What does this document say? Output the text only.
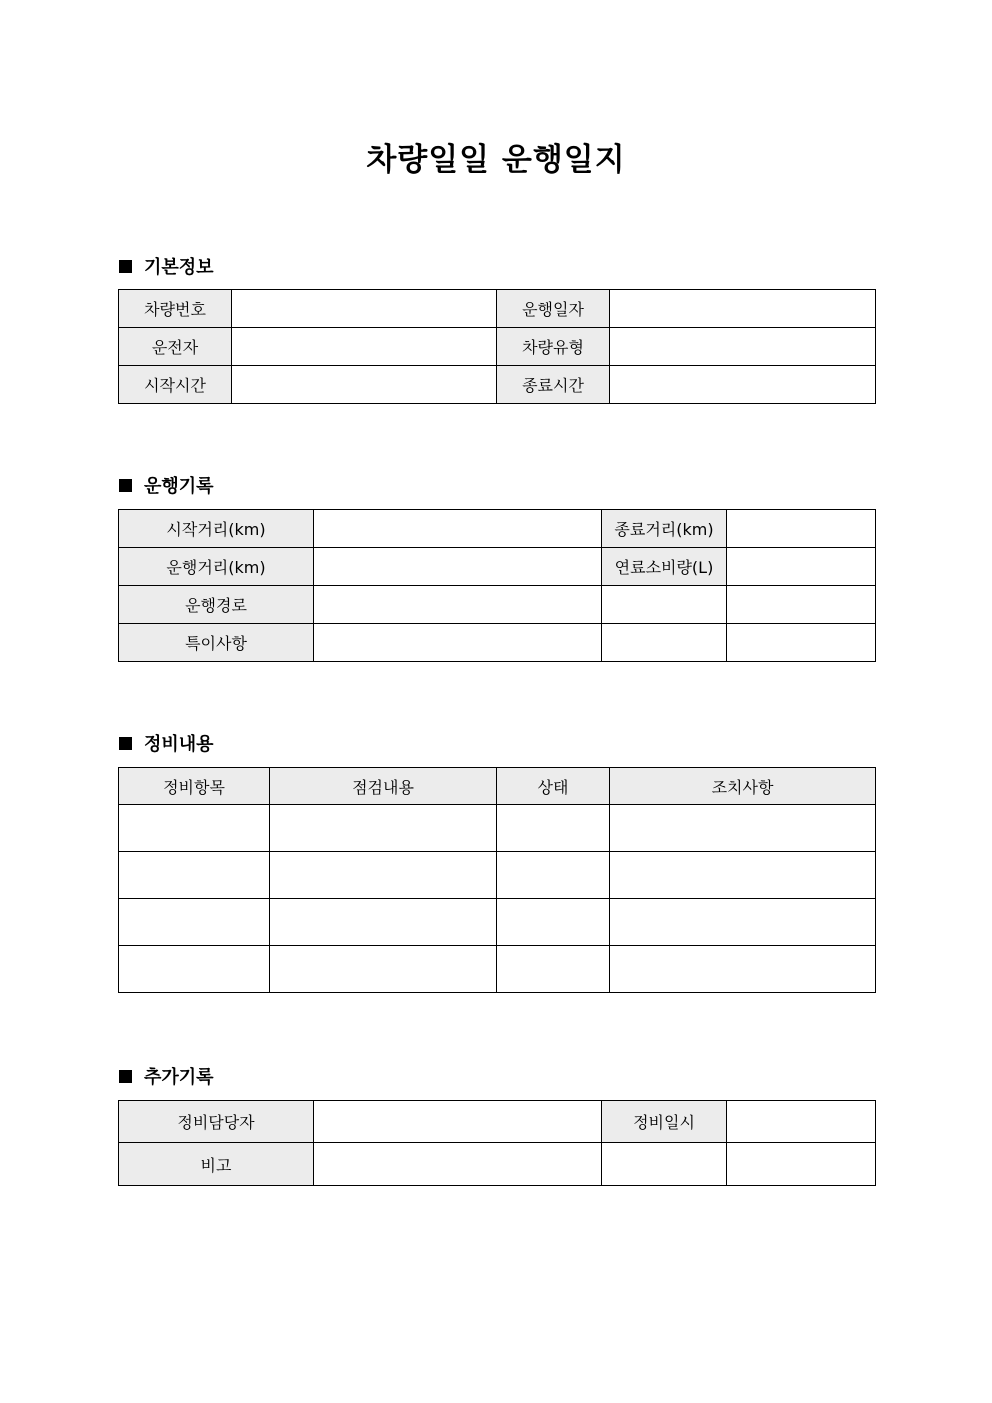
차량일일 운행일지
기본정보
차량번호		운행일자	
운전자		차량유형	
시작시간		종료시간	
운행기록
시작거리(km)		종료거리(km)	
운행거리(km)		연료소비량(L)	
운행경로			
특이사항			
정비내용
정비항목	점검내용	상태	조치사항

추가기록
정비담당자		정비일시	
비고			
